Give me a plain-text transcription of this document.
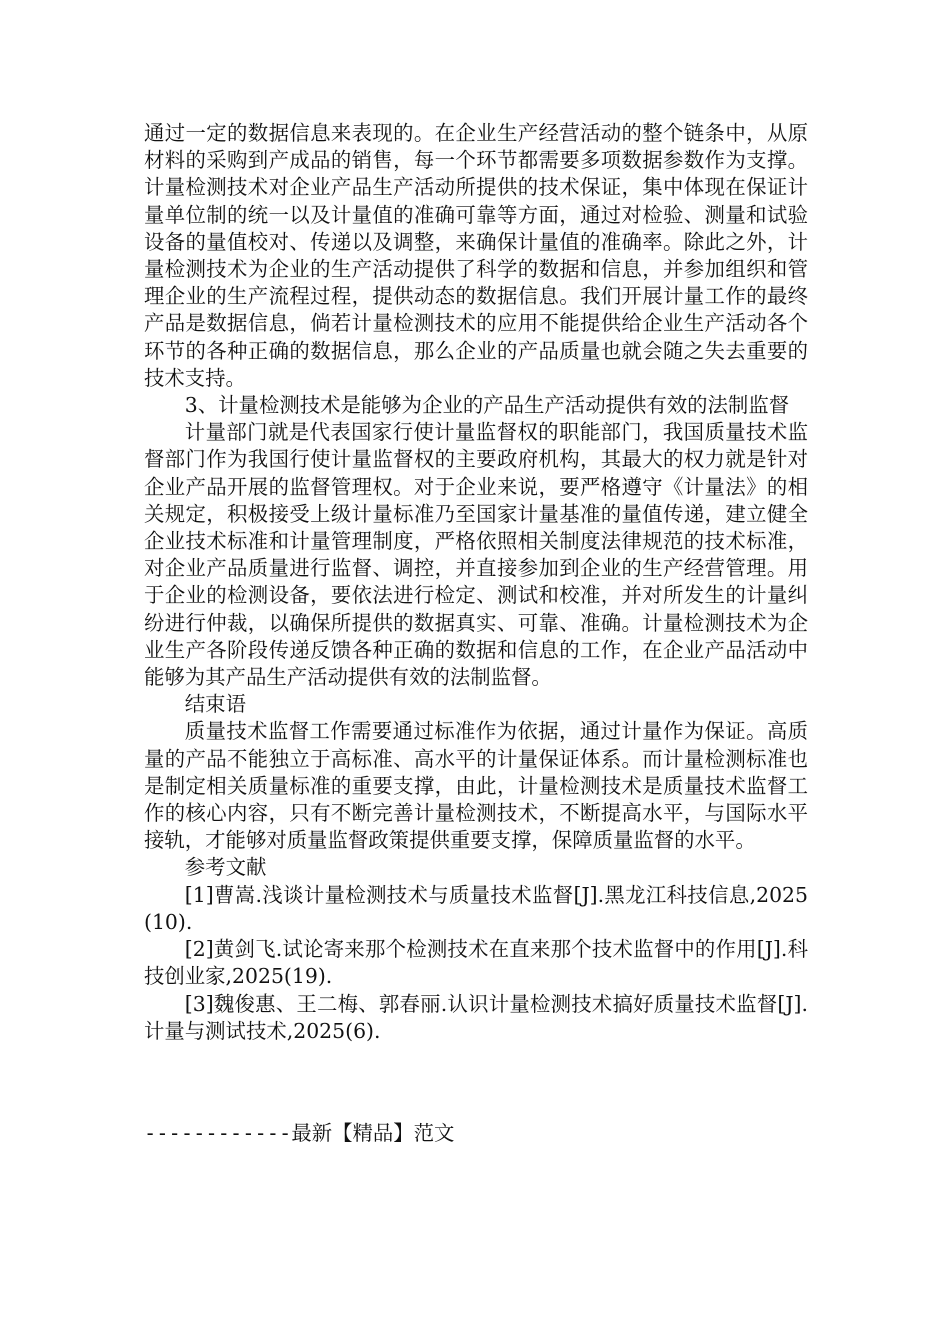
通过一定的数据信息来表现的。在企业生产经营活动的整个链条中，从原材料的采购到产成品的销售，每一个环节都需要多项数据参数作为支撑。计量检测技术对企业产品生产活动所提供的技术保证，集中体现在保证计量单位制的统一以及计量值的准确可靠等方面，通过对检验、测量和试验设备的量值校对、传递以及调整，来确保计量值的准确率。除此之外，计量检测技术为企业的生产活动提供了科学的数据和信息，并参加组织和管理企业的生产流程过程，提供动态的数据信息。我们开展计量工作的最终产品是数据信息，倘若计量检测技术的应用不能提供给企业生产活动各个环节的各种正确的数据信息，那么企业的产品质量也就会随之失去重要的技术支持。

3、计量检测技术是能够为企业的产品生产活动提供有效的法制监督

计量部门就是代表国家行使计量监督权的职能部门，我国质量技术监督部门作为我国行使计量监督权的主要政府机构，其最大的权力就是针对企业产品开展的监督管理权。对于企业来说，要严格遵守《计量法》的相关规定，积极接受上级计量标准乃至国家计量基准的量值传递，建立健全企业技术标准和计量管理制度，严格依照相关制度法律规范的技术标准，对企业产品质量进行监督、调控，并直接参加到企业的生产经营管理。用于企业的检测设备，要依法进行检定、测试和校准，并对所发生的计量纠纷进行仲裁，以确保所提供的数据真实、可靠、准确。计量检测技术为企业生产各阶段传递反馈各种正确的数据和信息的工作，在企业产品活动中能够为其产品生产活动提供有效的法制监督。

结束语

质量技术监督工作需要通过标准作为依据，通过计量作为保证。高质量的产品不能独立于高标准、高水平的计量保证体系。而计量检测标准也是制定相关质量标准的重要支撑，由此，计量检测技术是质量技术监督工作的核心内容，只有不断完善计量检测技术，不断提高水平，与国际水平接轨，才能够对质量监督政策提供重要支撑，保障质量监督的水平。

参考文献

[1]曹嵩.浅谈计量检测技术与质量技术监督[J].黑龙江科技信息,2025(10).

[2]黄剑飞.试论寄来那个检测技术在直来那个技术监督中的作用[J].科技创业家,2025(19).

[3]魏俊惠、王二梅、郭春丽.认识计量检测技术搞好质量技术监督[J].计量与测试技术,2025(6).

------------最新【精品】范文
